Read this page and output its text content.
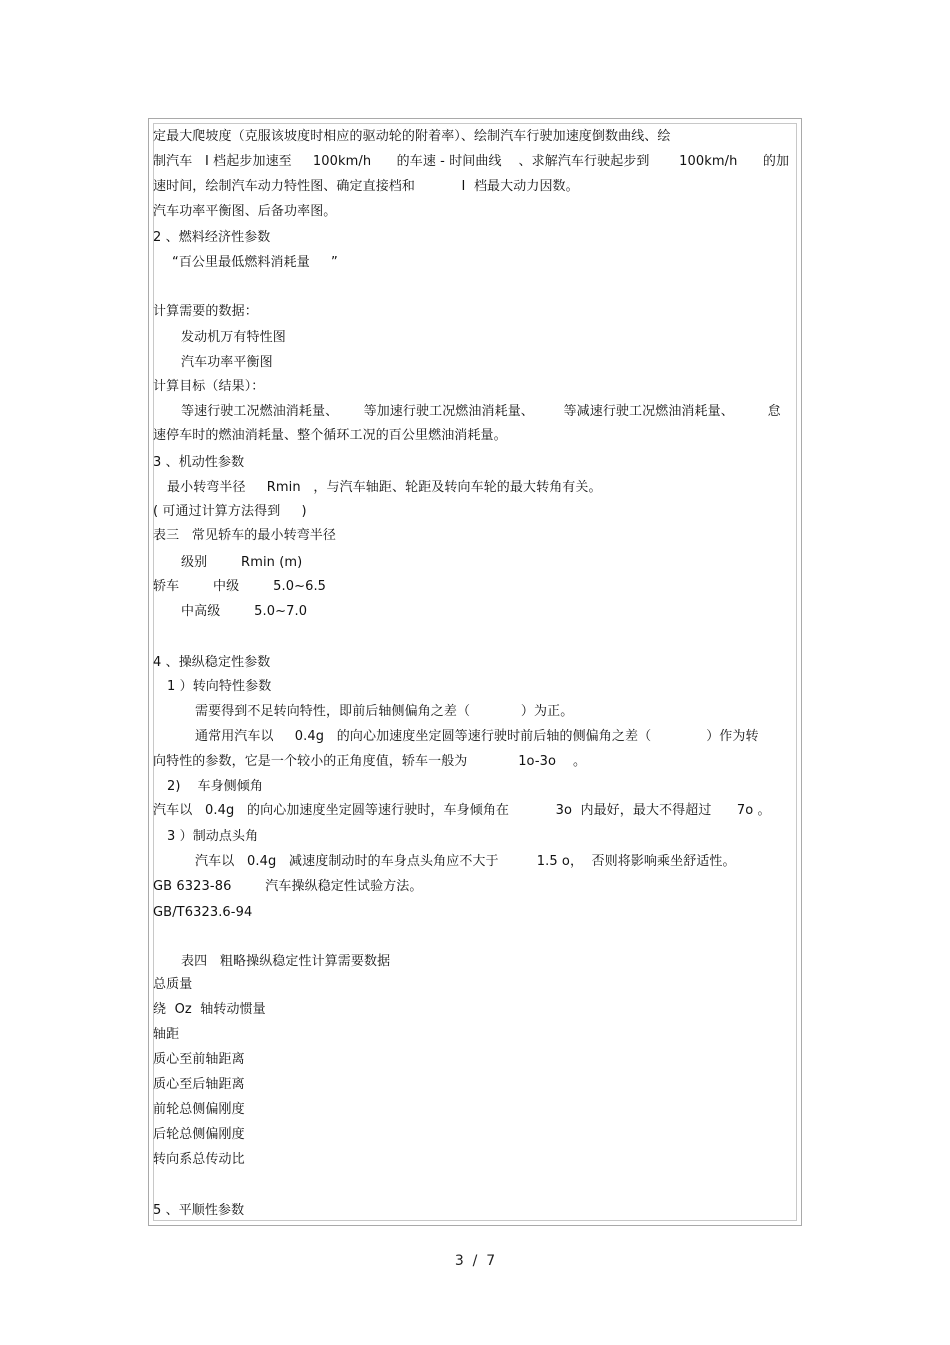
定最大爬坡度（克服该坡度时相应的驱动轮的附着率）、绘制汽车行驶加速度倒数曲线、绘
制汽车   I 档起步加速至     100km/h      的车速 - 时间曲线    、求解汽车行驶起步到       100km/h      的加
速时间，绘制汽车动力特性图、确定直接档和           I  档最大动力因数。
汽车功率平衡图、后备功率图。
2 、燃料经济性参数
“百公里最低燃料消耗量     ”
计算需要的数据：
发动机万有特性图
汽车功率平衡图
计算目标（结果）：
等速行驶工况燃油消耗量、      等加速行驶工况燃油消耗量、       等减速行驶工况燃油消耗量、        怠
速停车时的燃油消耗量、整个循环工况的百公里燃油消耗量。
3 、机动性参数
最小转弯半径     Rmin   ，与汽车轴距、轮距及转向车轮的最大转角有关。
( 可通过计算方法得到     )
表三   常见轿车的最小转弯半径
级别        Rmin (m)
轿车        中级        5.0~6.5
中高级        5.0~7.0
4 、操纵稳定性参数
1 ）转向特性参数
需要得到不足转向特性，即前后轴侧偏角之差（            ）为正。
通常用汽车以     0.4g   的向心加速度坐定圆等速行驶时前后轴的侧偏角之差（             ）作为转
向特性的参数，它是一个较小的正角度值，轿车一般为            1o-3o    。
2)    车身侧倾角
汽车以   0.4g   的向心加速度坐定圆等速行驶时，车身倾角在           3o  内最好，最大不得超过      7o 。
3 ）制动点头角
汽车以   0.4g   减速度制动时的车身点头角应不大于         1.5 o，  否则将影响乘坐舒适性。
GB 6323-86        汽车操纵稳定性试验方法。
GB/T6323.6-94
表四   粗略操纵稳定性计算需要数据
总质量
绕  Oz  轴转动惯量
轴距
质心至前轴距离
质心至后轴距离
前轮总侧偏刚度
后轮总侧偏刚度
转向系总传动比
5 、平顺性参数
3  /  7
